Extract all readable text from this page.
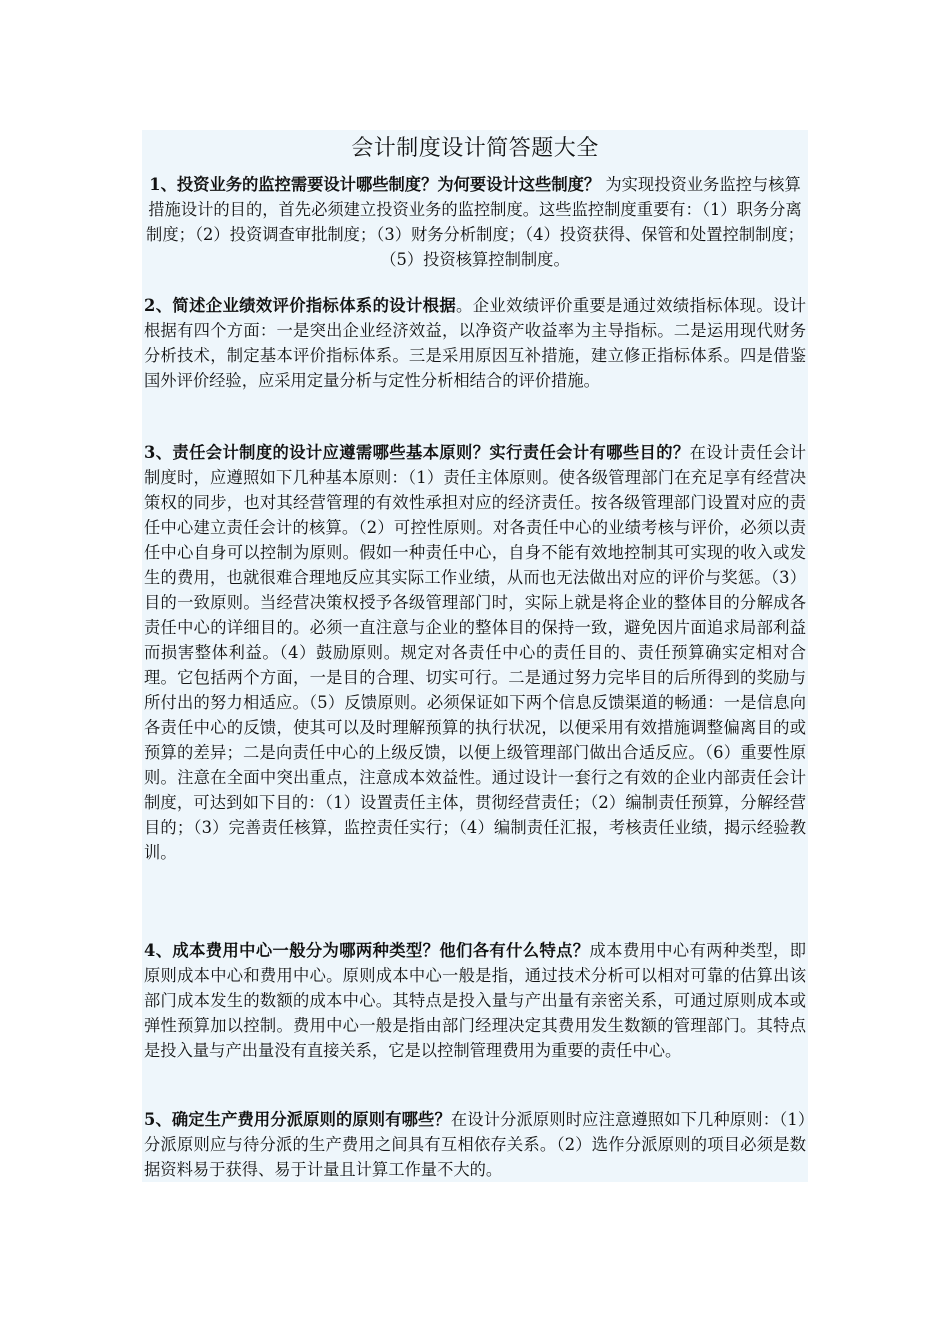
会计制度设计简答题大全

1、投资业务的监控需要设计哪些制度？为何要设计这些制度？ 为实现投资业务监控与核算措施设计的目的，首先必须建立投资业务的监控制度。这些监控制度重要有：（1）职务分离制度；（2）投资调查审批制度；（3）财务分析制度；（4）投资获得、保管和处置控制制度；（5）投资核算控制制度。

2、简述企业绩效评价指标体系的设计根据。企业效绩评价重要是通过效绩指标体现。设计根据有四个方面：一是突出企业经济效益，以净资产收益率为主导指标。二是运用现代财务分析技术，制定基本评价指标体系。三是采用原因互补措施，建立修正指标体系。四是借鉴国外评价经验，应采用定量分析与定性分析相结合的评价措施。

3、责任会计制度的设计应遵需哪些基本原则？实行责任会计有哪些目的？在设计责任会计制度时，应遵照如下几种基本原则：（1）责任主体原则。使各级管理部门在充足享有经营决策权的同步，也对其经营管理的有效性承担对应的经济责任。按各级管理部门设置对应的责任中心建立责任会计的核算。（2）可控性原则。对各责任中心的业绩考核与评价，必须以责任中心自身可以控制为原则。假如一种责任中心，自身不能有效地控制其可实现的收入或发生的费用，也就很难合理地反应其实际工作业绩，从而也无法做出对应的评价与奖惩。（3）目的一致原则。当经营决策权授予各级管理部门时，实际上就是将企业的整体目的分解成各责任中心的详细目的。必须一直注意与企业的整体目的保持一致，避免因片面追求局部利益而损害整体利益。（4）鼓励原则。规定对各责任中心的责任目的、责任预算确实定相对合理。它包括两个方面，一是目的合理、切实可行。二是通过努力完毕目的后所得到的奖励与所付出的努力相适应。（5）反馈原则。必须保证如下两个信息反馈渠道的畅通：一是信息向各责任中心的反馈，使其可以及时理解预算的执行状况，以便采用有效措施调整偏离目的或预算的差异；二是向责任中心的上级反馈，以便上级管理部门做出合适反应。（6）重要性原则。注意在全面中突出重点，注意成本效益性。通过设计一套行之有效的企业内部责任会计制度，可达到如下目的：（1）设置责任主体，贯彻经营责任；（2）编制责任预算，分解经营目的；（3）完善责任核算，监控责任实行；（4）编制责任汇报，考核责任业绩，揭示经验教训。

4、成本费用中心一般分为哪两种类型？他们各有什么特点？成本费用中心有两种类型，即原则成本中心和费用中心。原则成本中心一般是指，通过技术分析可以相对可靠的估算出该部门成本发生的数额的成本中心。其特点是投入量与产出量有亲密关系，可通过原则成本或弹性预算加以控制。费用中心一般是指由部门经理决定其费用发生数额的管理部门。其特点是投入量与产出量没有直接关系，它是以控制管理费用为重要的责任中心。

5、确定生产费用分派原则的原则有哪些？在设计分派原则时应注意遵照如下几种原则：（1）分派原则应与待分派的生产费用之间具有互相依存关系。（2）选作分派原则的项目必须是数据资料易于获得、易于计量且计算工作量不大的。
